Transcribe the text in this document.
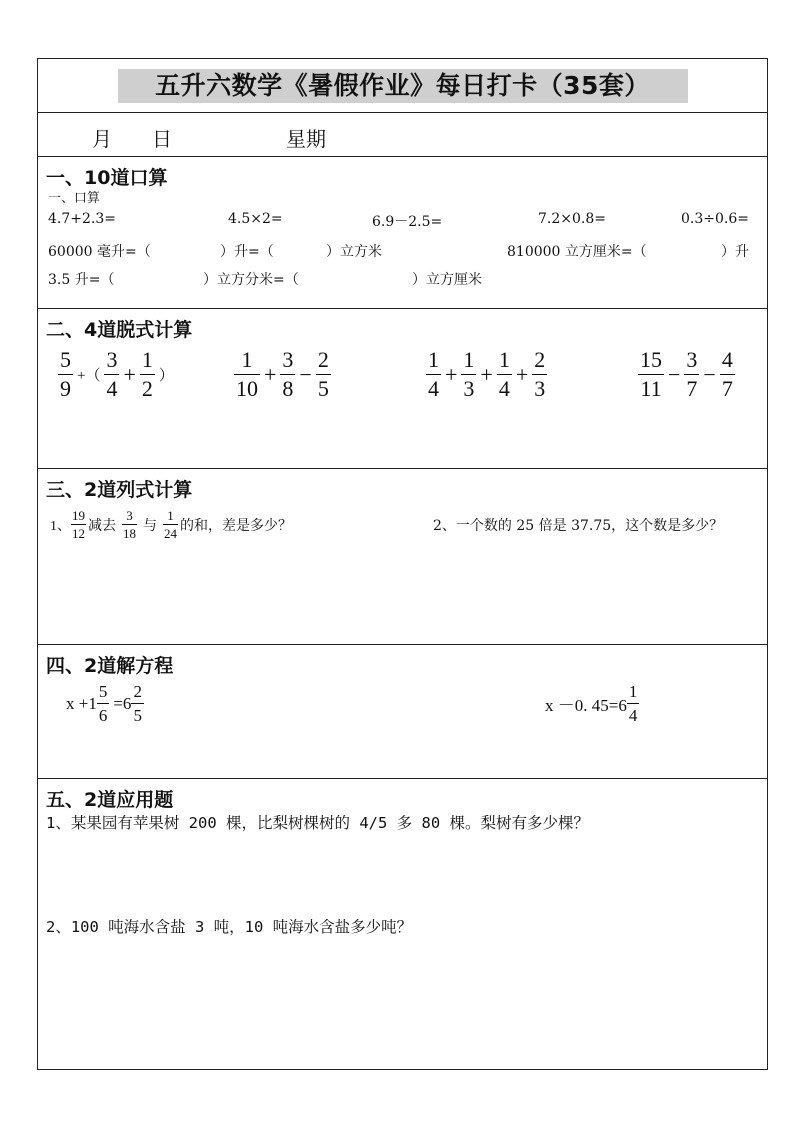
五升六数学《暑假作业》每日打卡（35套）
月 日	星期
一、10道口算
一、口算
4.7+2.3=	4.5×2=	6.9－2.5=	7.2×0.8=	0.3÷0.6=
60000 毫升=（	）升=（	）立方米	810000 立方厘米=（	）升
3.5 升=（	）立方分米=（	）立方厘米
二、4道脱式计算
$\frac{5}{9}$ +（ $\frac{3}{4} + \frac{1}{2}$ ）	$\frac{1}{10} + \frac{3}{8} - \frac{2}{5}$	$\frac{1}{4} + \frac{1}{3} + \frac{1}{4} + \frac{2}{3}$	$\frac{15}{11} - \frac{3}{7} - \frac{4}{7}$
三、2道列式计算
1、 $\frac{19}{12}$ 减去 $\frac{3}{18}$ 与 $\frac{1}{24}$ 的和，差是多少？	2、一个数的 25 倍是 37.75，这个数是多少？
四、2道解方程
$x +1 \frac{5}{6} =6 \frac{2}{5}$	x －0. $45=6 \frac{1}{4}$
五、2道应用题
1、某果园有苹果树 200 棵，比梨树棵树的 4/5 多 80 棵。梨树有多少棵？
2、100 吨海水含盐 3 吨，10 吨海水含盐多少吨？
